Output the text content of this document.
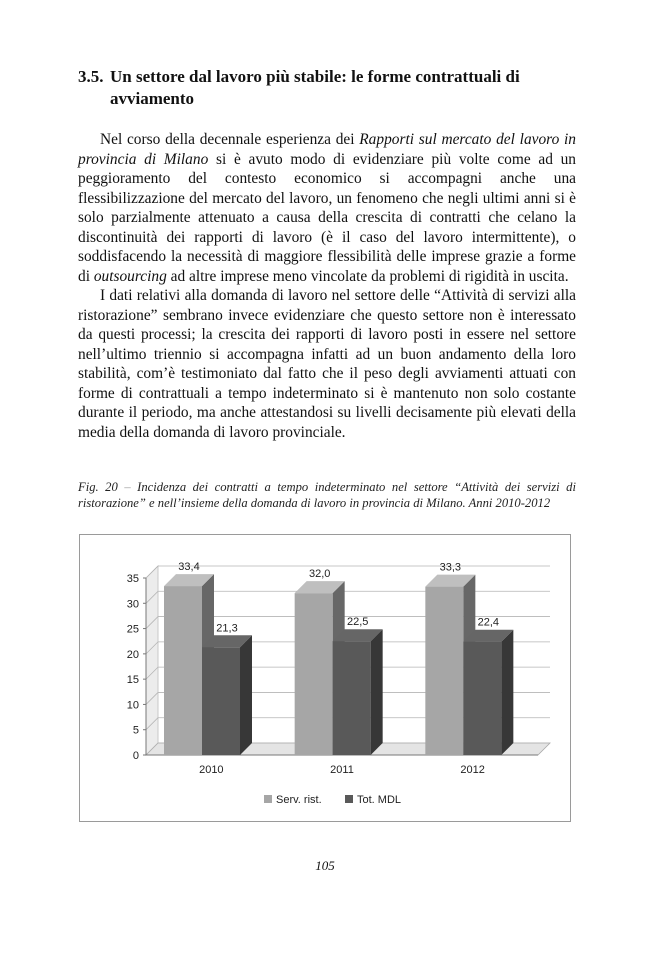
3.5. Un settore dal lavoro più stabile: le forme contrattuali di avviamento

Nel corso della decennale esperienza dei Rapporti sul mercato del lavoro in provincia di Milano si è avuto modo di evidenziare più volte come ad un peggioramento del contesto economico si accompagni anche una flessibilizzazione del mercato del lavoro, un fenomeno che negli ultimi anni si è solo parzialmente attenuato a causa della crescita di contratti che celano la discontinuità dei rapporti di lavoro (è il caso del lavoro intermittente), o soddisfacendo la necessità di maggiore flessibilità delle imprese grazie a forme di outsourcing ad altre imprese meno vincolate da problemi di rigidità in uscita.

I dati relativi alla domanda di lavoro nel settore delle “Attività di servizi alla ristorazione” sembrano invece evidenziare che questo settore non è interessato da questi processi; la crescita dei rapporti di lavoro posti in essere nel settore nell’ultimo triennio si accompagna infatti ad un buon andamento della loro stabilità, com’è testimoniato dal fatto che il peso degli avviamenti attuati con forme di contrattuali a tempo indeterminato si è mantenuto non solo costante durante il periodo, ma anche attestandosi su livelli decisamente più elevati della media della domanda di lavoro provinciale.

Fig. 20 – Incidenza dei contratti a tempo indeterminato nel settore “Attività dei servizi di ristorazione” e nell’insieme della domanda di lavoro in provincia di Milano. Anni 2010-2012
0
5
10
15
20
25
30
35
33,4
21,3
2010
32,0
22,5
2011
33,3
22,4
2012
Serv. rist.	Tot. MDL
105
